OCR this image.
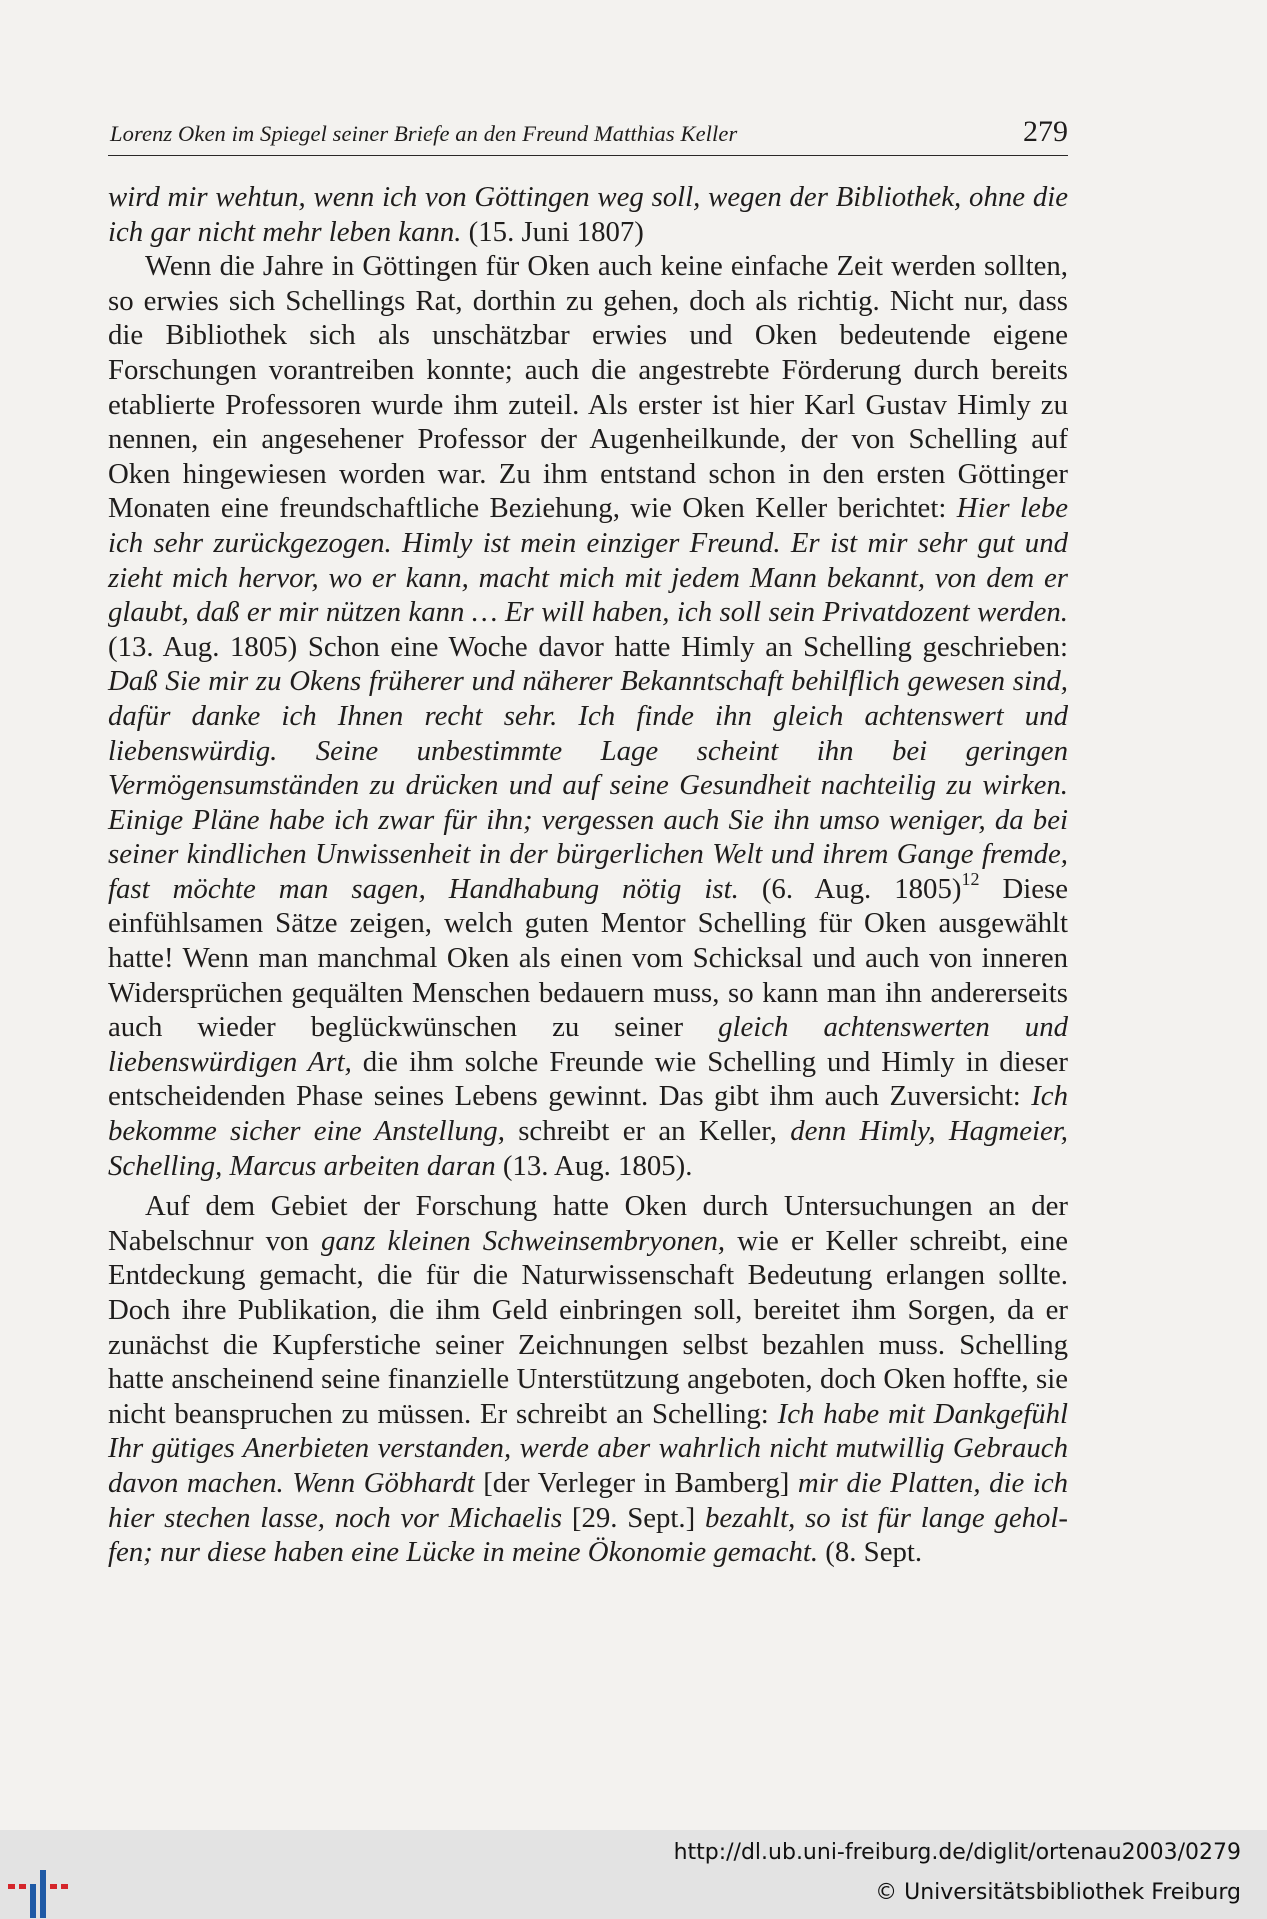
Lorenz Oken im Spiegel seiner Briefe an den Freund Matthias Keller	279

wird mir wehtun, wenn ich von Göttingen weg soll, wegen der Bibliothek, ohne die ich gar nicht mehr leben kann. (15. Juni 1807)

Wenn die Jahre in Göttingen für Oken auch keine einfache Zeit werden sollten, so erwies sich Schellings Rat, dorthin zu gehen, doch als richtig. Nicht nur, dass die Bibliothek sich als unschätzbar erwies und Oken bedeutende eigene Forschungen vorantreiben konnte; auch die angestrebte Förderung durch bereits etablierte Professoren wurde ihm zuteil. Als erster ist hier Karl Gustav Himly zu nennen, ein angesehener Professor der Augenheilkunde, der von Schelling auf Oken hingewiesen worden war. Zu ihm entstand schon in den ersten Göttinger Monaten eine freundschaftliche Beziehung, wie Oken Keller berichtet: Hier lebe ich sehr zurückgezogen. Himly ist mein einziger Freund. Er ist mir sehr gut und zieht mich hervor, wo er kann, macht mich mit jedem Mann bekannt, von dem er glaubt, daß er mir nützen kann … Er will haben, ich soll sein Privatdozent werden. (13. Aug. 1805) Schon eine Woche davor hatte Himly an Schelling geschrieben: Daß Sie mir zu Okens früherer und näherer Bekanntschaft behilflich gewesen sind, dafür danke ich Ihnen recht sehr. Ich finde ihn gleich achtenswert und liebenswürdig. Seine unbestimmte Lage scheint ihn bei geringen Vermögensumständen zu drücken und auf seine Gesundheit nachteilig zu wirken. Einige Pläne habe ich zwar für ihn; vergessen auch Sie ihn umso weniger, da bei seiner kindlichen Unwissenheit in der bürgerlichen Welt und ihrem Gange fremde, fast möchte man sagen, Handhabung nötig ist. (6. Aug. 1805)$^{12}$ Diese einfühlsamen Sätze zeigen, welch guten Mentor Schelling für Oken ausgewählt hatte! Wenn man manchmal Oken als einen vom Schicksal und auch von inneren Widersprüchen gequälten Menschen bedauern muss, so kann man ihn andererseits auch wieder beglückwünschen zu seiner gleich achtenswerten und liebenswürdigen Art, die ihm solche Freunde wie Schelling und Himly in dieser entscheidenden Phase seines Lebens gewinnt. Das gibt ihm auch Zuversicht: Ich bekomme sicher eine Anstellung, schreibt er an Keller, denn Himly, Hagmeier, Schelling, Marcus arbeiten daran (13. Aug. 1805).

Auf dem Gebiet der Forschung hatte Oken durch Untersuchungen an der Nabelschnur von ganz kleinen Schweinsembryonen, wie er Keller schreibt, eine Entdeckung gemacht, die für die Naturwissenschaft Bedeutung erlangen sollte. Doch ihre Publikation, die ihm Geld einbringen soll, bereitet ihm Sorgen, da er zunächst die Kupferstiche seiner Zeichnungen selbst bezahlen muss. Schelling hatte anscheinend seine finanzielle Unterstützung angeboten, doch Oken hoffte, sie nicht beanspruchen zu müssen. Er schreibt an Schelling: Ich habe mit Dankgefühl Ihr gütiges Anerbieten verstanden, werde aber wahrlich nicht mutwillig Gebrauch davon machen. Wenn Göbhardt [der Verleger in Bamberg] mir die Platten, die ich hier stechen lasse, noch vor Michaelis [29. Sept.] bezahlt, so ist für lange geholfen; nur diese haben eine Lücke in meine Ökonomie gemacht. (8. Sept.

http://dl.ub.uni-freiburg.de/diglit/ortenau2003/0279
© Universitätsbibliothek Freiburg
